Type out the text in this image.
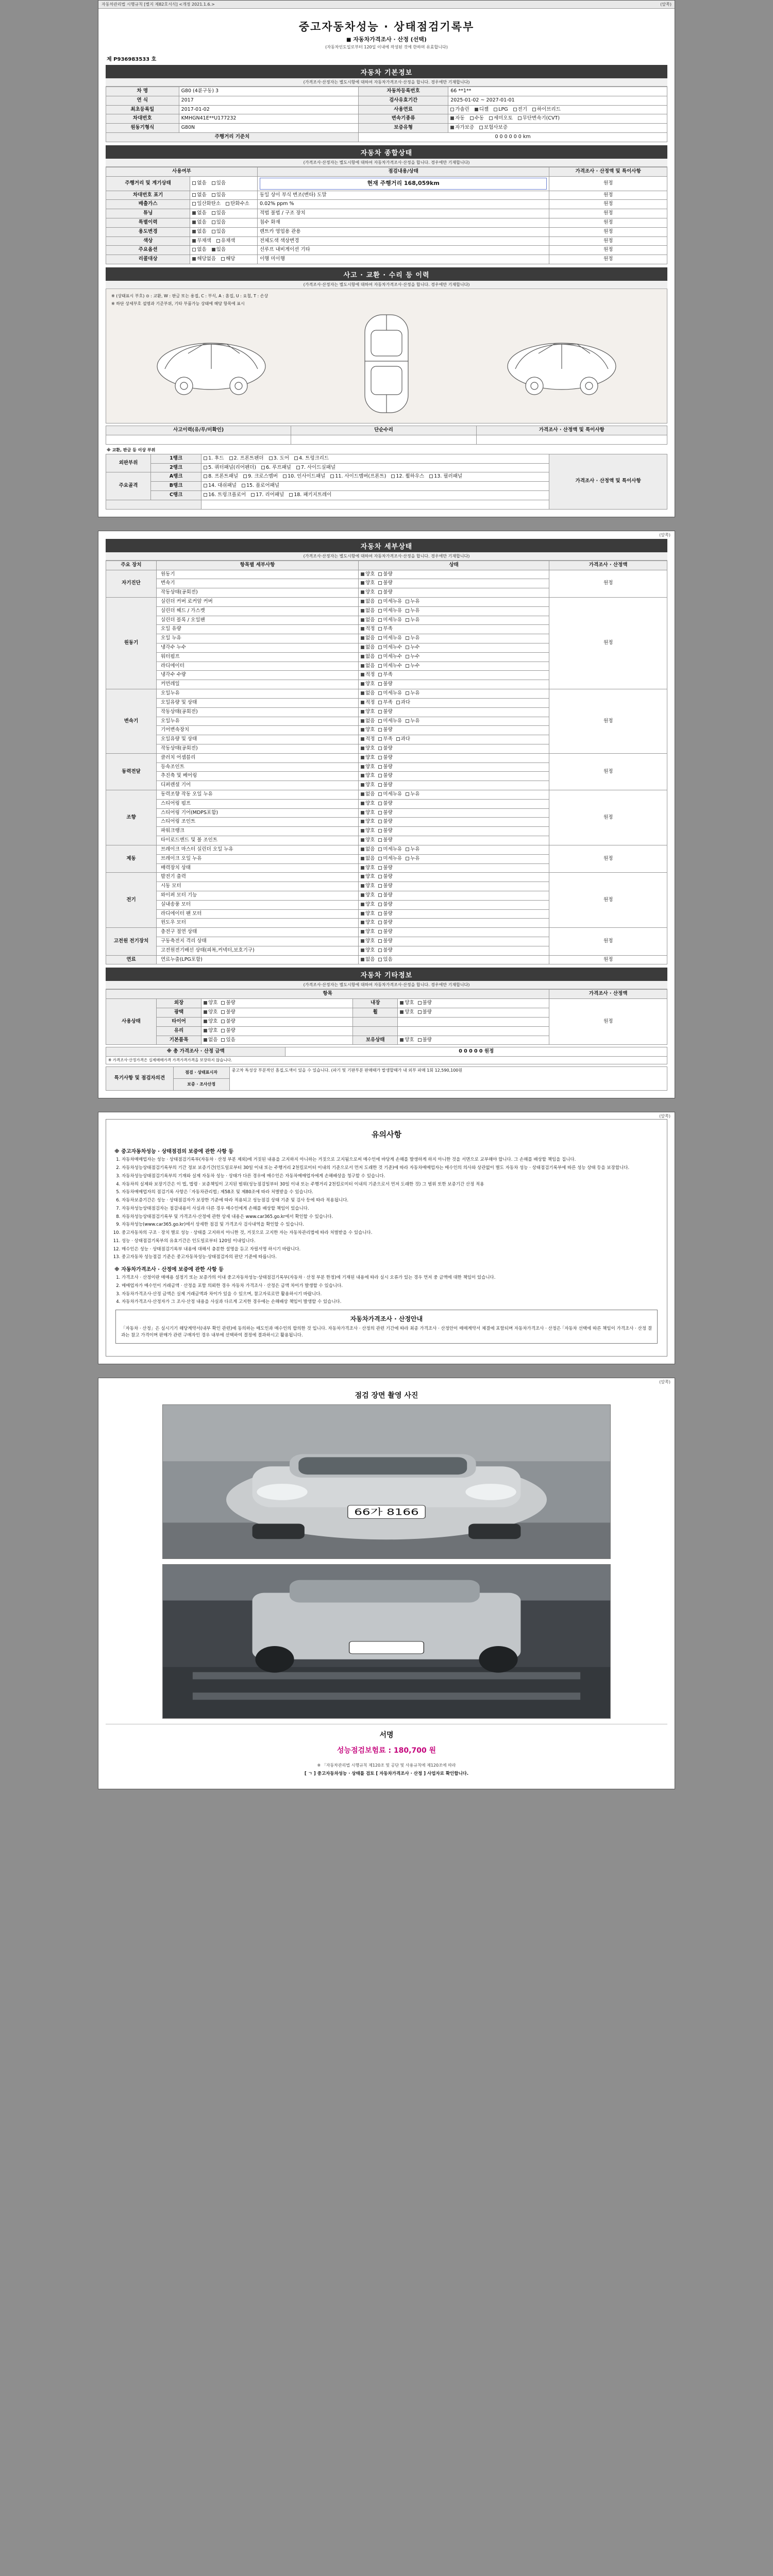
자동차관리법 시행규칙 [별지 제82호서식] <개정 2021.1.6.>	(앞쪽)
중고자동차성능 · 상태점검기록부
■ 자동차가격조사 · 산정 (선택)
(자동차인도일로부터 120일 이내에 작성된 것에 한하며 유효합니다)
제 P936983533 호
자동차 기본정보
(가격조사·산정자는 별도시항에 대하여 자동차가격조사·산정을 합니다. 경우에만 기재합니다)
차 명	G80 (4륜구동) 3	자동차등록번호	66 **1**
연 식	2017	검사유효기간	2025-01-02 ~ 2027-01-01
최초등록일	2017-01-02	사용연료	가솔린 디젤 LPG 전기 하이브리드
차대번호	KMHGN41E**U177232	변속기종류	자동 수동 세미오토 무단변속기(CVT)
원동기형식	G80N	보증유형	자가보증 보험사보증
주행거리 기준치		0 0 0 0 0 0 km	
자동차 종합상태
(가격조사·산정자는 별도시항에 대하여 자동차가격조사·산정을 합니다. 경우에만 기재합니다)
사용여부		점검내용/상태	가격조사 · 산정액 및 특이사항
주행거리 및 계기상태	없음 있음	현재 주행거리 168,059km	원정
차대번호 표기	없음 있음	동일 상이 부식 변조(변타) 도말	원정
배출가스	일산화탄소 탄화수소	0.02% ppm %	원정
튜닝	없음 있음	적법 불법 / 구조 장치	원정
특별이력	없음 있음	침수 화재	원정
용도변경	없음 있음	렌트카 영업용 관용	원정
색상	무채색 유채색	전체도색 색상변경	원정
주요옵션	없음 있음	선루프 내비게이션 기타	원정
리콜대상	해당없음 해당	이행 미이행	원정
사고 · 교환 · 수리 등 이력
(가격조사·산정자는 별도시항에 대하여 자동차가격조사·산정을 합니다. 경우에만 기재합니다)
※ (상태표시 부호) ⊙ : 교환, W : 판금 또는 용접, C : 부식, A : 흠집, U : 요철, T : 손상
※ 하단 상세부호 설명과 기준부위, 기타 부품가능 상태에 해당 항목에 표시
사고이력(유/무/미확인)	단순수리	가격조사 · 산정액 및 특이사항

※ 교환, 판금 등 이상 부위
외판부위	1랭크	1. 후드 2. 프론트펜더 3. 도어 4. 트렁크리드	가격조사 · 산정액 및 특이사항
	2랭크	5. 쿼터패널(리어펜더) 6. 루프패널 7. 사이드실패널	
주요골격	A랭크	8. 프론트패널 9. 크로스멤버 10. 인사이드패널 11. 사이드멤버(프론트) 12. 휠하우스 13. 필러패널	
	B랭크	14. 대쉬패널 15. 플로어패널	
	C랭크	16. 트렁크플로어 17. 리어패널 18. 패키지트레이	

(앞쪽)
자동차 세부상태
(가격조사·산정자는 별도시항에 대하여 자동차가격조사·산정을 합니다. 경우에만 기재합니다)
주요 장치	항목별 세부사항	상태	가격조사 · 산정액
자기진단	원동기	양호 불량	원정
	변속기	양호 불량	
	작동상태(공회전)	양호 불량	
원동기	실린더 커버 로커암 커버	없음 미세누유 누유	원정
	실린더 헤드 / 가스켓	없음 미세누유 누유	
	실린더 블록 / 오일팬	없음 미세누유 누유	
	오일 유량	적정 부족	
	오일 누유	없음 미세누유 누유	
	냉각수 누수	없음 미세누수 누수	
	워터펌프	없음 미세누수 누수	
	라디에이터	없음 미세누수 누수	
	냉각수 수량	적정 부족	
	커먼레일	양호 불량	
변속기	오일누유	없음 미세누유 누유	원정
	오일유량 및 상태	적정 부족 과다	
	작동상태(공회전)	양호 불량	
	오일누유	없음 미세누유 누유	
	기어변속장치	양호 불량	
	오일유량 및 상태	적정 부족 과다	
	작동상태(공회전)	양호 불량	
동력전달	클러치 어셈블리	양호 불량	원정
	등속조인트	양호 불량	
	추진축 및 베어링	양호 불량	
	디퍼렌셜 기어	양호 불량	
조향	동력조향 작동 오일 누유	없음 미세누유 누유	원정
	스티어링 펌프	양호 불량	
	스티어링 기어(MDPS포함)	양호 불량	
	스티어링 조인트	양호 불량	
	파워크랭크	양호 불량	
	타이로드엔드 및 볼 조인트	양호 불량	
제동	브레이크 마스터 실린더 오일 누유	없음 미세누유 누유	원정
	브레이크 오일 누유	없음 미세누유 누유	
	배력장치 상태	양호 불량	
전기	발전기 출력	양호 불량	원정
	시동 모터	양호 불량	
	와이퍼 모터 기능	양호 불량	
	실내송풍 모터	양호 불량	
	라디에이터 팬 모터	양호 불량	
	윈도우 모터	양호 불량	
고전원 전기장치	충전구 절연 상태	양호 불량	원정
	구동축전지 격리 상태	양호 불량	
	고전원전기배선 상태(피복,커넥터,보호기구)	양호 불량	
연료	연료누출(LPG포함)	없음 있음	원정
자동차 기타정보
(가격조사·산정자는 별도시항에 대하여 자동차가격조사·산정을 합니다. 경우에만 기재합니다)
항목					가격조사 · 산정액
사용상태	외장	양호 불량	내장	양호 불량	원정
	광택	양호 불량	휠	양호 불량	
	타이어	양호 불량			
	유리	양호 불량			
	기본품목	없음 있음	보유상태	양호 불량	
※ 총 가격조사 · 산정 금액	0 0 0 0 0 원정
※ 가격조사·산정가격은 실제매매가격 가격가격가격을 보장하지 않습니다.
특기사항 및 점검자의견	점검 · 상태표시자	중고차 특성상 부분적인 흠집,도색이 있을 수 있습니다. (파기 및 기판부분 판매때가 발생할때가 내 외부 파매 1회 12,590,100원
보증 · 조사산정
(앞쪽)
유의사항
※ 중고자동차성능 · 상태점검의 보증에 관한 사항 등
1. 자동차매매업자는 성능 · 상태점검기록부(자동차 · 산정 부분 제외)에 거짓된 내용을 고지하지 아니하는 거짓으로 고지됨으로써 매수인에 바당게 손해를 발생하게 하지 아니한 것을 서면으로 교부해야 합니다. 그 손해를 배상할 책임을 집니다.
2. 자동차성능상태점검기록부의 기간 정보 보증기간(인도일로부터 30일 이내 또는 주행거리 2천킬로미터 이내의 기준으로서 먼저 도래한 것 기준)에 따라 자동차매매업자는 매수인의 의사와 상관없이 별도 자동차 성능 · 상태점검기록부에 따른 성능 상태 등을 보장합니다.
3. 자동차성능상태점검기록부의 기재와 실제 자동차 성능 · 상태가 다른 경우에 매수인은 자동차매매업자에게 손해배상을 청구할 수 있습니다.
4. 자동차의 실제와 보장기간은 이 법, 법령 · 보증책임이 고지된 범위(성능점검일부터 30일 이내 또는 주행거리 2천킬로미터 이내의 기준으로서 먼저 도래한 것) 그 범위 또한 보증기간 산정 적용
5. 자동차매매업자의 점검기록 사항은 ｢자동차관리법｣ 제58조 및 제80조에 따라 처벌받을 수 있습니다.
6. 자동차보증기간은 성능 · 상태점검자가 보장한 기준에 따라 적용되고 성능점검 상태 기준 및 검사 등에 따라 적용됩니다.
7. 자동차성능상태점검자는 점검내용이 사실과 다른 경우 매수인에게 손해를 배상할 책임이 있습니다.
8. 자동차성능상태점검기록부 및 가격조사·산정에 관한 상세 내용은 www.car365.go.kr에서 확인할 수 있습니다.
9. 자동차성능(www.car365.go.kr)에서 상세한 점검 및 가격조사 검사내역을 확인할 수 있습니다.
10. 중고자동차의 구조 · 장치 별로 성능 · 상태를 고지하지 아니한 것, 거짓으로 고지한 자는 자동차관리법에 따라 처벌받을 수 있습니다.
11. 성능 · 상태점검기록부의 유효기간은 인도일로부터 120일 이내입니다.
12. 매수인은 성능 · 상태점검기록부 내용에 대해서 충분한 설명을 듣고 자필서명 하시기 바랍니다.
13. 중고자동차 성능점검 기준은 중고자동차성능·상태점검자의 판단 기준에 따릅니다.
※ 자동차가격조사 · 산정에 보증에 관한 사항 등
1. 가격조사 · 산정이란 매매용 설정기 또는 보증가의 이내 중고자동차성능·상태점검기록부(자동차 · 산정 부분 한정)에 기재된 내용에 따라 실시 오류가 있는 경우 먼저 중 금액에 대한 책임이 있습니다.
2. 매매업자가 매수인이 거래금액 · 산정을 포함 의뢰한 경우 자동차 가격조사 · 산정은 금액 차이가 발생할 수 있습니다.
3. 자동차가격조사·산정 금액은 실제 거래금액과 차이가 있을 수 있으며, 참고자료로만 활용하시기 바랍니다.
4. 자동차가격조사·산정자가 그 조사·산정 내용을 사실과 다르게 고지한 경우에는 손해배상 책임이 발생할 수 있습니다.
자동차가격조사 · 산정안내
「자동차 · 산정」은 실시기기 해당계약서(내부 확인 관련)에 동의하는 매도인과 매수인의 합의한 것 입니다. 자동차가격조사 · 산정의 관련 기간에 따라 최종 가격조사 · 산정안이 매매계약서 체결에 포함되며 자동차가격조사 · 산정은 ｢자동차 선택에 따른 책임이 가격조사 · 산정 결과는 참고 가격이며 판매가 관련 구매자인 경우 내부에 선택하여 결정에 결과하시고 활용됩니다.
(앞쪽)
점검 장면 촬영 사진
66가 8166
서명
성능점검보험료 : 180,700 원
※ 「자동차관리법 시행규칙 제120조 및 공단 및 사용규칙에 제120조에 따라
[ ㄱ ] 중고자동차성능 · 상태를 검토 [ 자동차가격조사 · 산정 ] 사업자로 확인합니다.
